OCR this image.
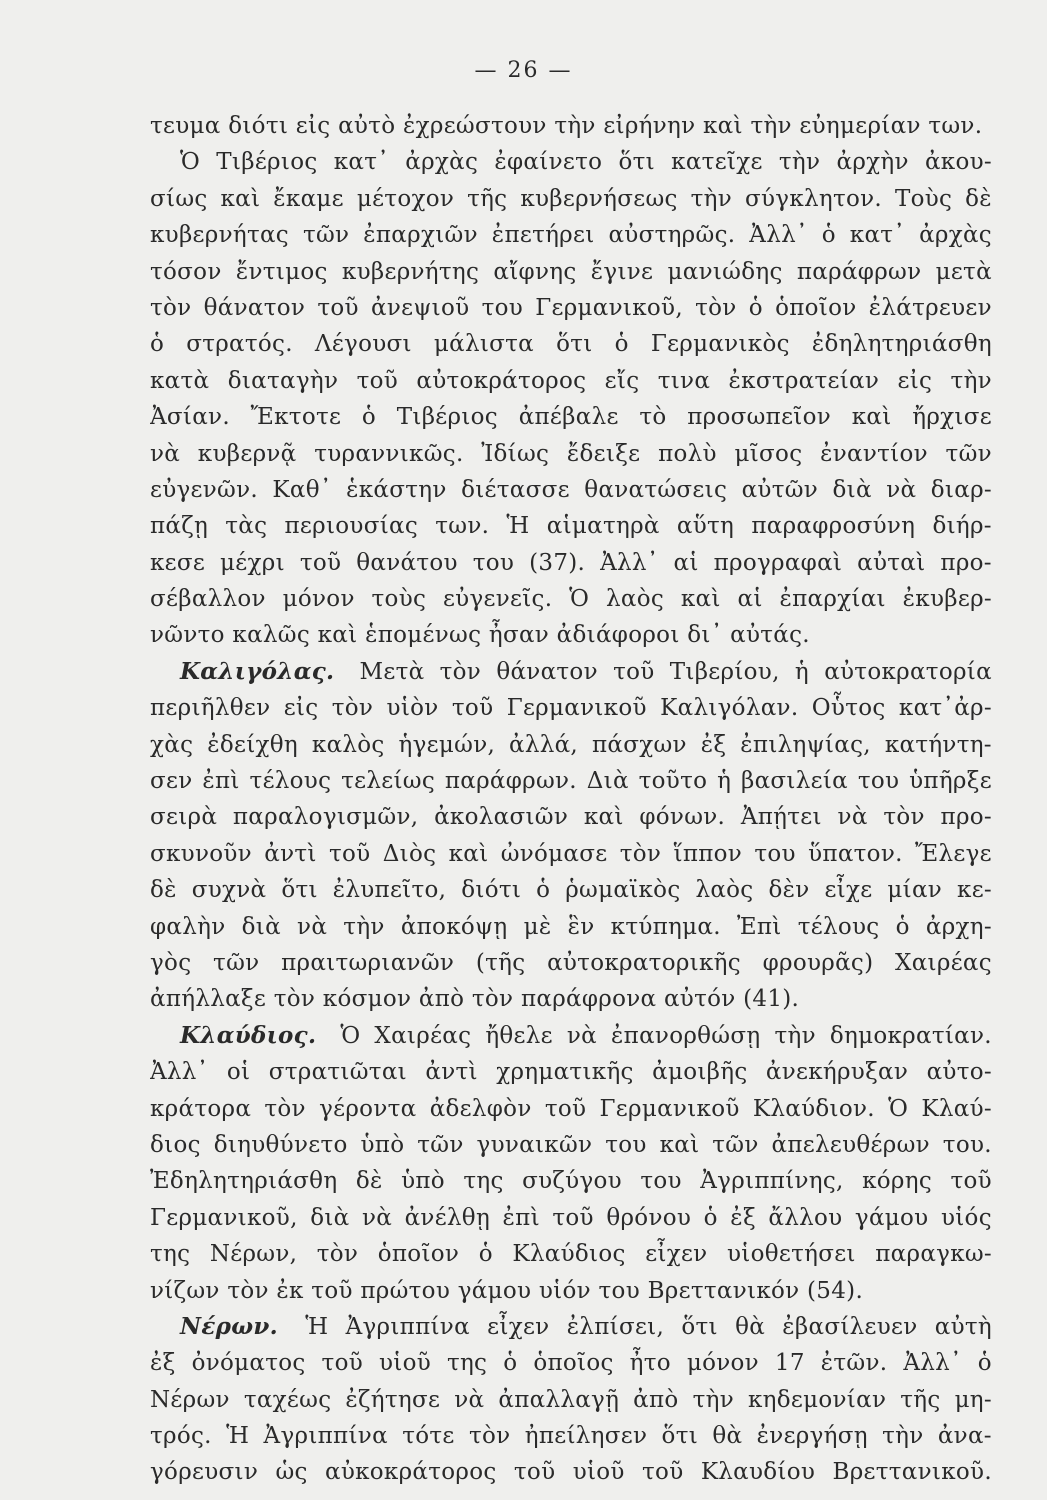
— 26 —
τευμα διότι εἰς αὐτὸ ἐχρεώστουν τὴν εἰρήνην καὶ τὴν εὐημερίαν των.
Ὁ Τιβέριος κατ᾽ ἀρχὰς ἐφαίνετο ὅτι κατεῖχε τὴν ἀρχὴν ἀκου-
σίως καὶ ἔκαμε μέτοχον τῆς κυβερνήσεως τὴν σύγκλητον. Τοὺς δὲ
κυβερνήτας τῶν ἐπαρχιῶν ἐπετήρει αὐστηρῶς. Ἀλλ᾽ ὁ κατ᾽ ἀρχὰς
τόσον ἔντιμος κυβερνήτης αἴφνης ἔγινε μανιώδης παράφρων μετὰ
τὸν θάνατον τοῦ ἀνεψιοῦ του Γερμανικοῦ, τὸν ὁ ὁποῖον ἐλάτρευεν
ὁ στρατός. Λέγουσι μάλιστα ὅτι ὁ Γερμανικὸς ἐδηλητηριάσθη
κατὰ διαταγὴν τοῦ αὐτοκράτορος εἴς τινα ἐκστρατείαν εἰς τὴν
Ἀσίαν. Ἔκτοτε ὁ Τιβέριος ἀπέβαλε τὸ προσωπεῖον καὶ ἤρχισε
νὰ κυβερνᾷ τυραννικῶς. Ἰδίως ἔδειξε πολὺ μῖσος ἐναντίον τῶν
εὐγενῶν. Καθ᾽ ἑκάστην διέτασσε θανατώσεις αὐτῶν διὰ νὰ διαρ-
πάζῃ τὰς περιουσίας των. Ἡ αἱματηρὰ αὕτη παραφροσύνη διήρ-
κεσε μέχρι τοῦ θανάτου του (37). Ἀλλ᾽ αἱ προγραφαὶ αὐταὶ προ-
σέβαλλον μόνον τοὺς εὐγενεῖς. Ὁ λαὸς καὶ αἱ ἐπαρχίαι ἐκυβερ-
νῶντο καλῶς καὶ ἑπομένως ἦσαν ἀδιάφοροι δι᾽ αὐτάς.
Καλιγόλας. Μετὰ τὸν θάνατον τοῦ Τιβερίου, ἡ αὐτοκρατορία
περιῆλθεν εἰς τὸν υἱὸν τοῦ Γερμανικοῦ Καλιγόλαν. Οὗτος κατ᾽ἀρ-
χὰς ἐδείχθη καλὸς ἡγεμών, ἀλλά, πάσχων ἐξ ἐπιληψίας, κατήντη-
σεν ἐπὶ τέλους τελείως παράφρων. Διὰ τοῦτο ἡ βασιλεία του ὑπῆρξε
σειρὰ παραλογισμῶν, ἀκολασιῶν καὶ φόνων. Ἀπῄτει νὰ τὸν προ-
σκυνοῦν ἀντὶ τοῦ Διὸς καὶ ὠνόμασε τὸν ἵππον του ὕπατον. Ἔλεγε
δὲ συχνὰ ὅτι ἐλυπεῖτο, διότι ὁ ῥωμαϊκὸς λαὸς δὲν εἶχε μίαν κε-
φαλὴν διὰ νὰ τὴν ἀποκόψῃ μὲ ἓν κτύπημα. Ἐπὶ τέλους ὁ ἀρχη-
γὸς τῶν πραιτωριανῶν (τῆς αὐτοκρατορικῆς φρουρᾶς) Χαιρέας
ἀπήλλαξε τὸν κόσμον ἀπὸ τὸν παράφρονα αὐτόν (41).
Κλαύδιος. Ὁ Χαιρέας ἤθελε νὰ ἐπανορθώσῃ τὴν δημοκρατίαν.
Ἀλλ᾽ οἱ στρατιῶται ἀντὶ χρηματικῆς ἀμοιβῆς ἀνεκήρυξαν αὐτο-
κράτορα τὸν γέροντα ἀδελφὸν τοῦ Γερμανικοῦ Κλαύδιον. Ὁ Κλαύ-
διος διηυθύνετο ὑπὸ τῶν γυναικῶν του καὶ τῶν ἀπελευθέρων του.
Ἐδηλητηριάσθη δὲ ὑπὸ της συζύγου του Ἀγριππίνης, κόρης τοῦ
Γερμανικοῦ, διὰ νὰ ἀνέλθῃ ἐπὶ τοῦ θρόνου ὁ ἐξ ἄλλου γάμου υἱός
της Νέρων, τὸν ὁποῖον ὁ Κλαύδιος εἶχεν υἱοθετήσει παραγκω-
νίζων τὸν ἐκ τοῦ πρώτου γάμου υἱόν του Βρεττανικόν (54).
Νέρων. Ἡ Ἀγριππίνα εἶχεν ἐλπίσει, ὅτι θὰ ἐβασίλευεν αὐτὴ
ἐξ ὀνόματος τοῦ υἱοῦ της ὁ ὁποῖος ἦτο μόνον 17 ἐτῶν. Ἀλλ᾽ ὁ
Νέρων ταχέως ἐζήτησε νὰ ἀπαλλαγῇ ἀπὸ τὴν κηδεμονίαν τῆς μη-
τρός. Ἡ Ἀγριππίνα τότε τὸν ἠπείλησεν ὅτι θὰ ἐνεργήσῃ τὴν ἀνα-
γόρευσιν ὡς αὐκοκράτορος τοῦ υἱοῦ τοῦ Κλαυδίου Βρεττανικοῦ.
